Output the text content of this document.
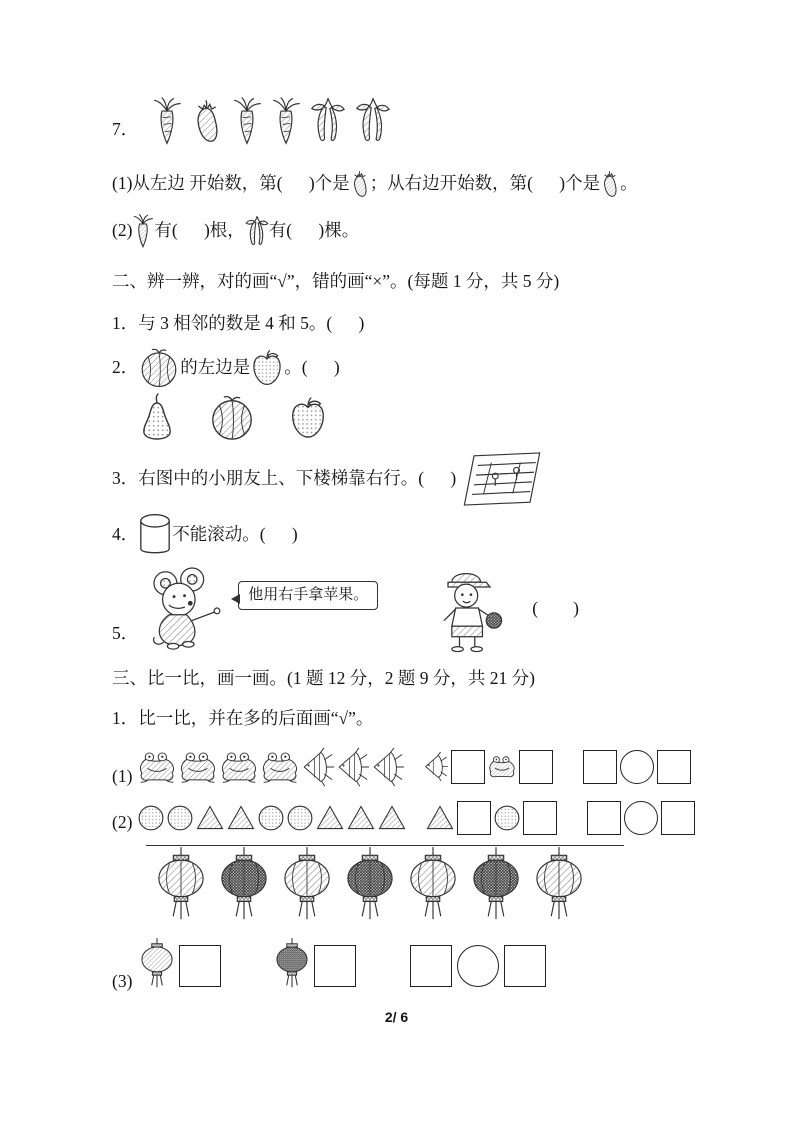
7．
(1)从左边 开始数，第(      )个是 ；从右边开始数，第(      )个是 。
(2) 有(      )根， 有(      )棵。
二、辨一辨，对的画“√”，错的画“×”。(每题 1 分，共 5 分)
1．与 3 相邻的数是 4 和 5。(      )
2． 的左边是 。(      )
3．右图中的小朋友上、下楼梯靠右行。(      )
4． 不能滚动。(      )
5．
他用右手拿苹果。
(        )
三、比一比，画一画。(1 题 12 分，2 题 9 分，共 21 分)
1．比一比，并在多的后面画“√”。
(1)
(2)
(3)
2/ 6
